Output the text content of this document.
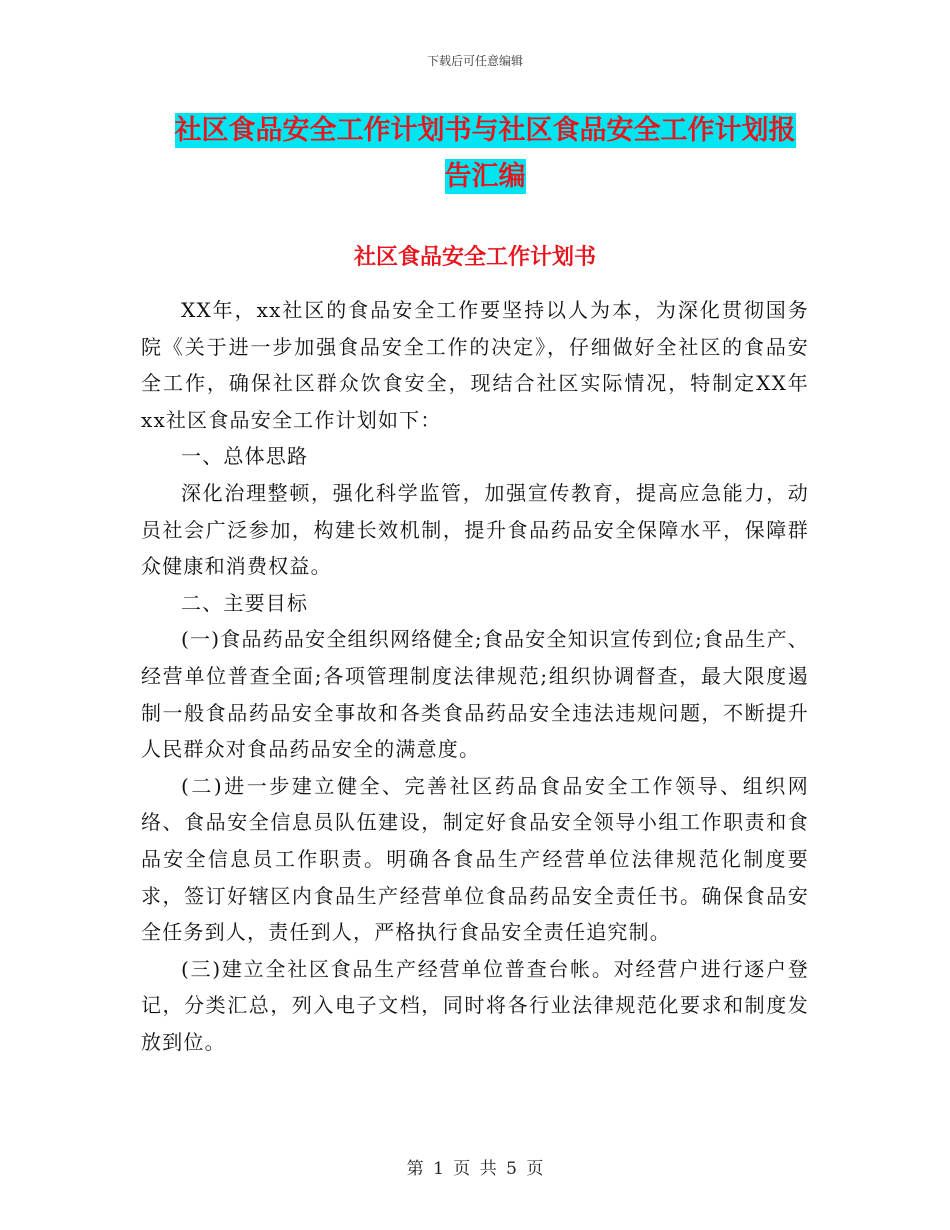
下载后可任意编辑
社区食品安全工作计划书与社区食品安全工作计划报
告汇编
社区食品安全工作计划书

XX年，xx社区的食品安全工作要坚持以人为本，为深化贯彻国务院《关于进一步加强食品安全工作的决定》，仔细做好全社区的食品安全工作，确保社区群众饮食安全，现结合社区实际情况，特制定XX年xx社区食品安全工作计划如下：

一、总体思路

深化治理整顿，强化科学监管，加强宣传教育，提高应急能力，动员社会广泛参加，构建长效机制，提升食品药品安全保障水平，保障群众健康和消费权益。

二、主要目标

(一)食品药品安全组织网络健全;食品安全知识宣传到位;食品生产、经营单位普查全面;各项管理制度法律规范;组织协调督查，最大限度遏制一般食品药品安全事故和各类食品药品安全违法违规问题，不断提升人民群众对食品药品安全的满意度。

(二)进一步建立健全、完善社区药品食品安全工作领导、组织网络、食品安全信息员队伍建设，制定好食品安全领导小组工作职责和食品安全信息员工作职责。明确各食品生产经营单位法律规范化制度要求，签订好辖区内食品生产经营单位食品药品安全责任书。确保食品安全任务到人，责任到人，严格执行食品安全责任追究制。

(三)建立全社区食品生产经营单位普查台帐。对经营户进行逐户登记，分类汇总，列入电子文档，同时将各行业法律规范化要求和制度发放到位。

第 1 页 共 5 页
